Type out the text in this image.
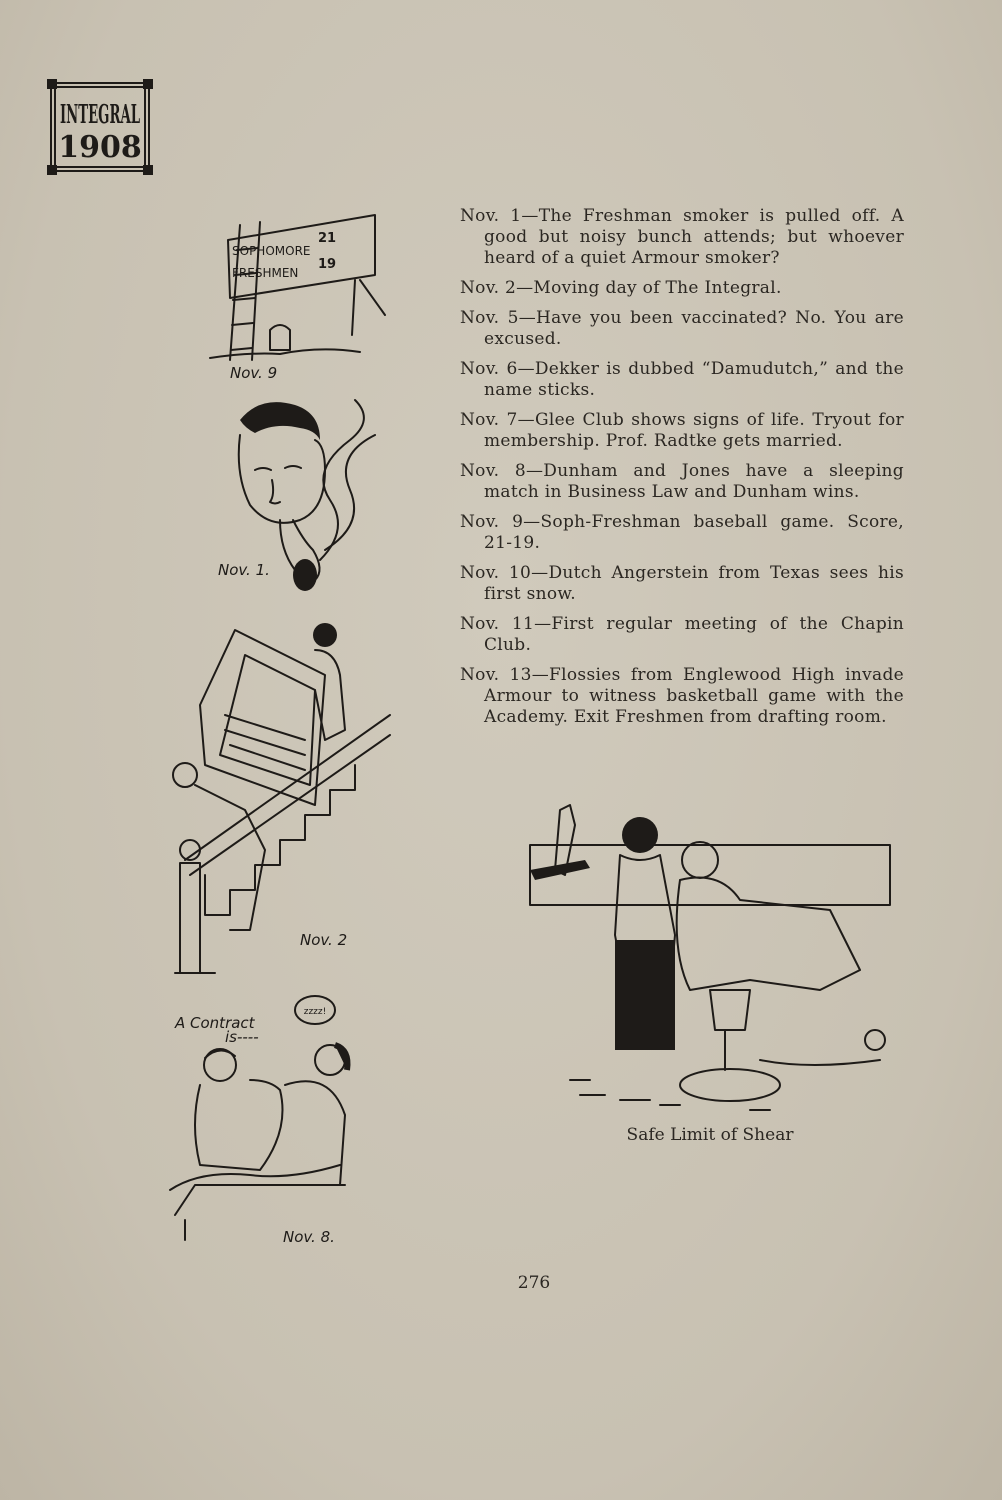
INTEGRAL
1908
SOPHOMORE
21
FRESHMEN
19
Nov. 9
Nov. 1.
Nov. 2
zzzz!
A Contract
is----
Nov. 8.

Nov. 1—The Freshman smoker is pulled off. A good but noisy bunch attends; but whoever heard of a quiet Armour smoker?

Nov. 2—Moving day of The Integral.

Nov. 5—Have you been vaccinated? No. You are excused.

Nov. 6—Dekker is dubbed “Damudutch,” and the name sticks.

Nov. 7—Glee Club shows signs of life. Tryout for membership. Prof. Radtke gets married.

Nov. 8—Dunham and Jones have a sleeping match in Business Law and Dunham wins.

Nov. 9—Soph-Freshman baseball game. Score, 21-19.

Nov. 10—Dutch Angerstein from Texas sees his first snow.

Nov. 11—First regular meeting of the Chapin Club.

Nov. 13—Flossies from Englewood High invade Armour to witness basketball game with the Academy. Exit Freshmen from drafting room.

Safe Limit of Shear
276
